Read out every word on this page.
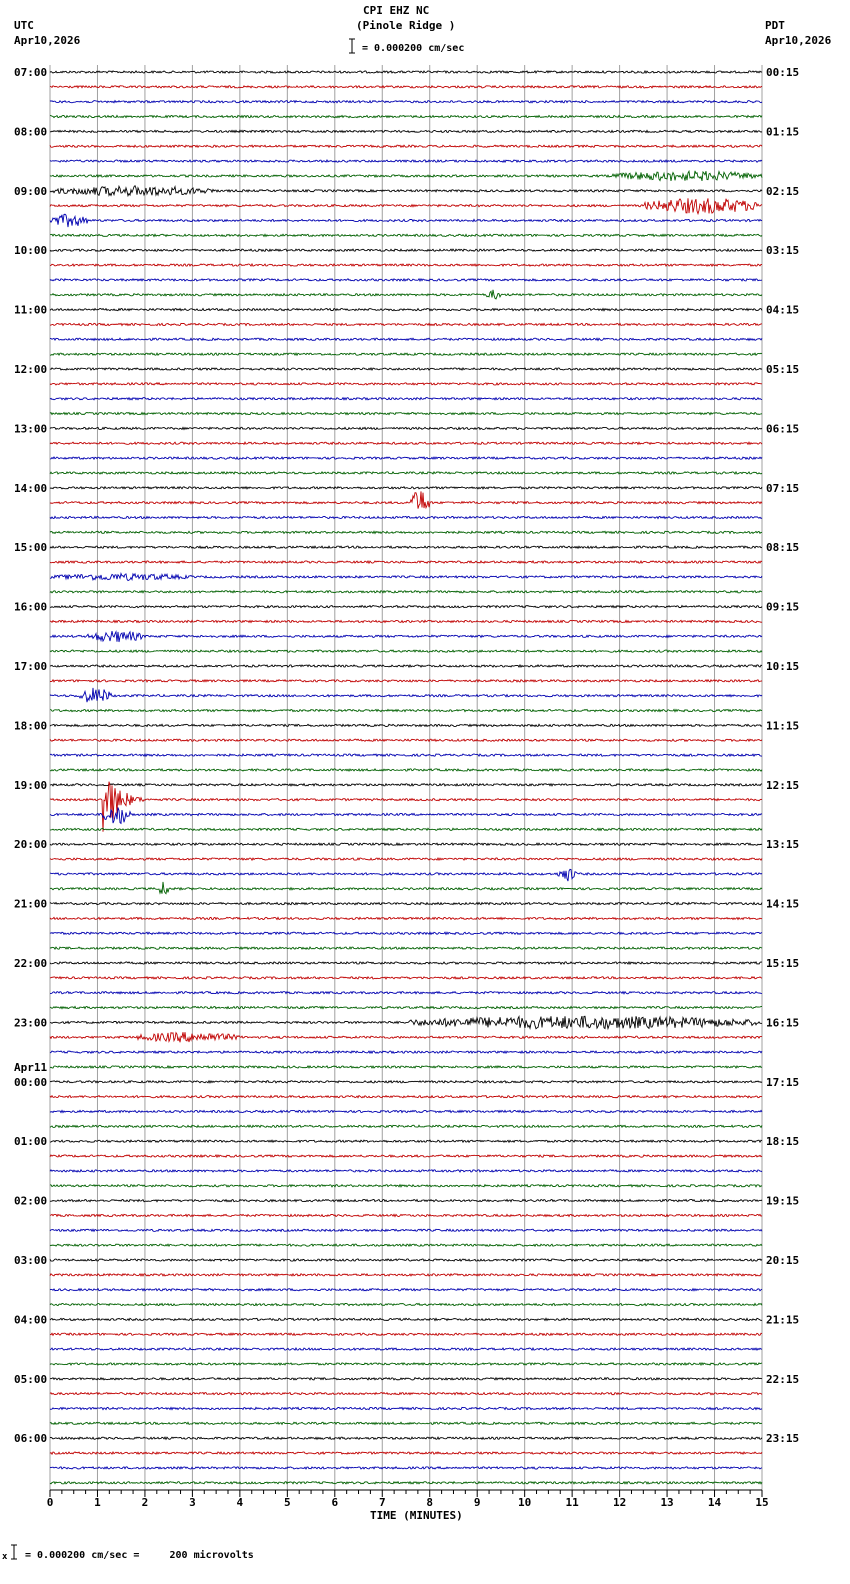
CPI EHZ NC
(Pinole Ridge )
= 0.000200 cm/sec
UTC
Apr10,2026
PDT
Apr10,2026
Apr11
TIME (MINUTES)
x = 0.000200 cm/sec =     200 microvolts
0	1	2	3	4	5	6	7	8	9	10	11	12	13	14	15
07:00
08:00
09:00
10:00
11:00
12:00
13:00
14:00
15:00
16:00
17:00
18:00
19:00
20:00
21:00
22:00
23:00
00:00
01:00
02:00
03:00
04:00
05:00
06:00
00:15
01:15
02:15
03:15
04:15
05:15
06:15
07:15
08:15
09:15
10:15
11:15
12:15
13:15
14:15
15:15
16:15
17:15
18:15
19:15
20:15
21:15
22:15
23:15
